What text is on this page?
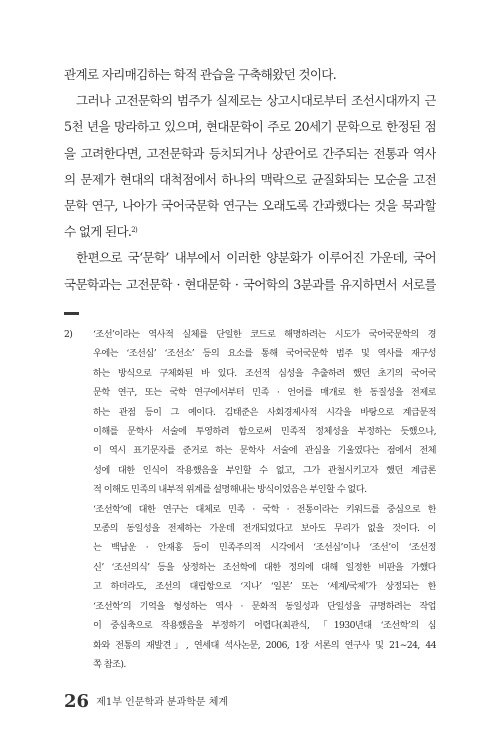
관계로 자리매김하는 학적 관습을 구축해왔던 것이다.

그러나 고전문학의 범주가 실제로는 상고시대로부터 조선시대까지 근

5천 년을 망라하고 있으며, 현대문학이 주로 20세기 문학으로 한정된 점

을 고려한다면, 고전문학과 등치되거나 상관어로 간주되는 전통과 역사

의 문제가 현대의 대척점에서 하나의 맥락으로 균질화되는 모순을 고전

문학 연구, 나아가 국어국문학 연구는 오래도록 간과했다는 것을 묵과할

수 없게 된다.$^{2)}$

한편으로 국‘문학’ 내부에서 이러한 양분화가 이루어진 가운데, 국어

국문학과는 고전문학 · 현대문학 · 국어학의 3분과를 유지하면서 서로를

2) ‘조선’이라는 역사적 실체를 단일한 코드로 해명하려는 시도가 국어국문학의 경

우에는 ‘조선심’ ‘조선소’ 등의 요소를 통해 국어국문학 범주 및 역사를 재구성

하는 방식으로 구체화된 바 있다. 조선적 심성을 추출하려 했던 초기의 국어국

문학 연구, 또는 국학 연구에서부터 민족 · 언어를 매개로 한 동질성을 전제로

하는 관점 등이 그 예이다. 김태준은 사회경제사적 시각을 바탕으로 계급문적

이해를 문학사 서술에 투영하려 함으로써 민족적 정체성을 부정하는 듯했으나,

이 역시 표기문자를 준거로 하는 문학사 서술에 관심을 기울였다는 점에서 전체

성에 대한 인식이 작용했음을 부인할 수 없고, 그가 관철시키고자 했던 계급론

적 이해도 민족의 내부적 위계를 설명해내는 방식이었음은 부인할 수 없다.

‘조선학’에 대한 연구는 대체로 민족 · 국학 · 전통이라는 키워드를 중심으로 한

모종의 동일성을 전제하는 가운데 전개되었다고 보아도 무리가 없을 것이다. 이

는 백남운 · 안재홍 등이 민족주의적 시각에서 ‘조선심’이나 ‘조선’이 ‘조선정

신’ ‘조선의식’ 등을 상정하는 조선학에 대한 정의에 대해 일정한 비판을 가했다

고 하더라도, 조선의 대립항으로 ‘지나’ ‘일본’ 또는 ‘세계/국제’가 상정되는 한

‘조선학’의 기억을 형성하는 역사 · 문화적 동일성과 단일성을 규명하려는 작업

이 중심축으로 작용했음을 부정하기 어렵다(최관식, 「1930년대 ‘조선학’의 심

화와 전통의 재발견」, 연세대 석사논문, 2006, 1장 서론의 연구사 및 21∼24, 44

쪽 참조).

26 제1부 인문학과 분과학문 체계
